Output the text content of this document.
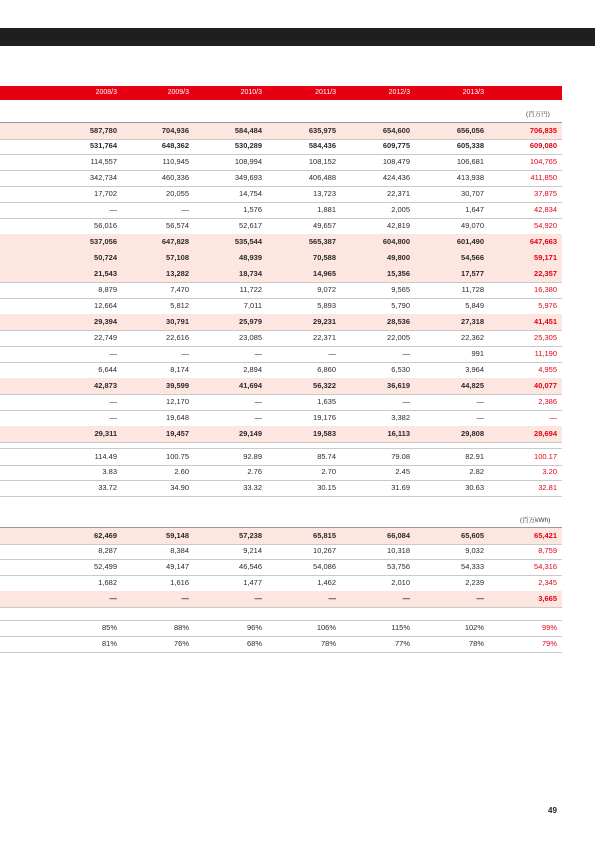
2008/3	2009/3	2010/3	2011/3	2012/3	2013/3	2014/3
(百万円)
587,780	704,936	584,484	635,975	654,600	656,056	706,835
531,764	648,362	530,289	584,436	609,775	605,338	609,080
114,557	110,945	108,994	108,152	108,479	106,681	104,765
342,734	460,336	349,693	406,488	424,436	413,938	411,850
17,702	20,055	14,754	13,723	22,371	30,707	37,875
—	—	1,576	1,881	2,005	1,647	42,834
56,016	56,574	52,617	49,657	42,819	49,070	54,920
537,056	647,828	535,544	565,387	604,800	601,490	647,663
50,724	57,108	48,939	70,588	49,800	54,566	59,171
21,543	13,282	18,734	14,965	15,356	17,577	22,357
8,879	7,470	11,722	9,072	9,565	11,728	16,380
12,664	5,812	7,011	5,893	5,790	5,849	5,976
29,394	30,791	25,979	29,231	28,536	27,318	41,451
22,749	22,616	23,085	22,371	22,005	22,362	25,305
—	—	—	—	—	991	11,190
6,644	8,174	2,894	6,860	6,530	3,964	4,955
42,873	39,599	41,694	56,322	36,619	44,825	40,077
—	12,170	—	1,635	—	—	2,386
—	19,648	—	19,176	3,382	—	—
29,311	19,457	29,149	19,583	16,113	29,808	28,694
114.49	100.75	92.89	85.74	79.08	82.91	100.17
3.83	2.60	2.76	2.70	2.45	2.82	3.20
33.72	34.90	33.32	30.15	31.69	30.63	32.81
(百万kWh)
62,469	59,148	57,238	65,815	66,084	65,605	65,421
8,287	8,384	9,214	10,267	10,318	9,032	8,759
52,499	49,147	46,546	54,086	53,756	54,333	54,316
1,682	1,616	1,477	1,462	2,010	2,239	2,345
—	—	—	—	—	—	3,665
85%	88%	96%	106%	115%	102%	99%
81%	76%	68%	78%	77%	78%	79%
49
